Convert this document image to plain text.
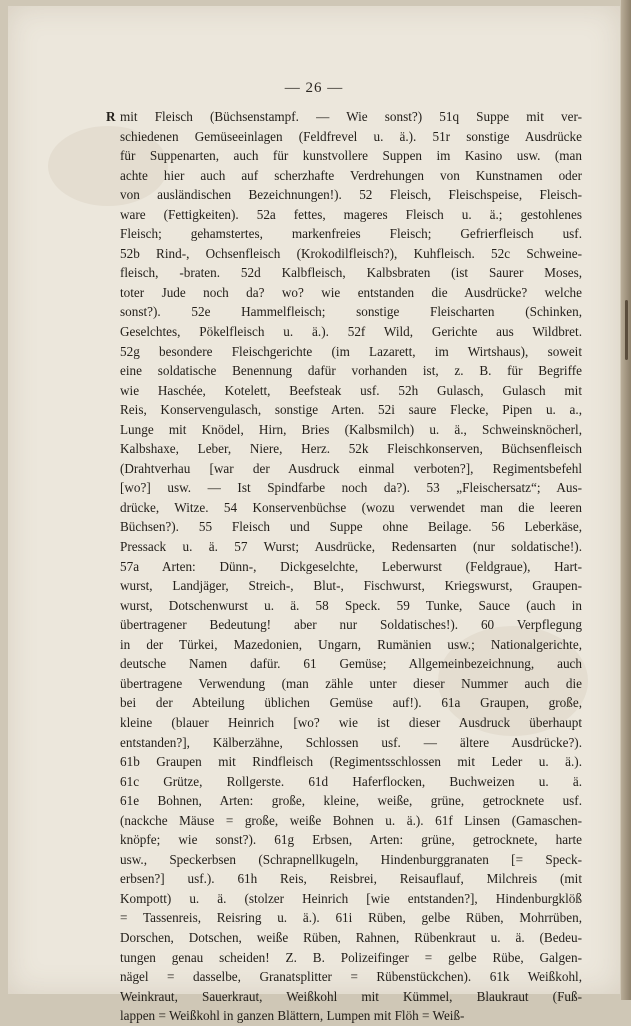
— 26 —
R mit Fleisch (Büchsenstampf. — Wie sonst?) 51q Suppe mit ver-
schiedenen Gemüseeinlagen (Feldfrevel u. ä.). 51r sonstige Ausdrücke
für Suppenarten, auch für kunstvollere Suppen im Kasino usw. (man
achte hier auch auf scherzhafte Verdrehungen von Kunstnamen oder
von ausländischen Bezeichnungen!). 52 Fleisch, Fleischspeise, Fleisch-
ware (Fettigkeiten). 52a fettes, mageres Fleisch u. ä.; gestohlenes
Fleisch; gehamstertes, markenfreies Fleisch; Gefrierfleisch usf.
52b Rind-, Ochsenfleisch (Krokodilfleisch?), Kuhfleisch. 52c Schweine-
fleisch, -braten. 52d Kalbfleisch, Kalbsbraten (ist Saurer Moses,
toter Jude noch da? wo? wie entstanden die Ausdrücke? welche
sonst?). 52e Hammelfleisch; sonstige Fleischarten (Schinken,
Geselchtes, Pökelfleisch u. ä.). 52f Wild, Gerichte aus Wildbret.
52g besondere Fleischgerichte (im Lazarett, im Wirtshaus), soweit
eine soldatische Benennung dafür vorhanden ist, z. B. für Begriffe
wie Haschée, Kotelett, Beefsteak usf. 52h Gulasch, Gulasch mit
Reis, Konservengulasch, sonstige Arten. 52i saure Flecke, Pipen u. a.,
Lunge mit Knödel, Hirn, Bries (Kalbsmilch) u. ä., Schweinsknöcherl,
Kalbshaxe, Leber, Niere, Herz. 52k Fleischkonserven, Büchsenfleisch
(Drahtverhau [war der Ausdruck einmal verboten?], Regimentsbefehl
[wo?] usw. — Ist Spindfarbe noch da?). 53 „Fleischersatz“; Aus-
drücke, Witze. 54 Konservenbüchse (wozu verwendet man die leeren
Büchsen?). 55 Fleisch und Suppe ohne Beilage. 56 Leberkäse,
Pressack u. ä. 57 Wurst; Ausdrücke, Redensarten (nur soldatische!).
57a Arten: Dünn-, Dickgeselchte, Leberwurst (Feldgraue), Hart-
wurst, Landjäger, Streich-, Blut-, Fischwurst, Kriegswurst, Graupen-
wurst, Dotschenwurst u. ä. 58 Speck. 59 Tunke, Sauce (auch in
übertragener Bedeutung! aber nur Soldatisches!). 60 Verpflegung
in der Türkei, Mazedonien, Ungarn, Rumänien usw.; Nationalgerichte,
deutsche Namen dafür. 61 Gemüse; Allgemeinbezeichnung, auch
übertragene Verwendung (man zähle unter dieser Nummer auch die
bei der Abteilung üblichen Gemüse auf!). 61a Graupen, große,
kleine (blauer Heinrich [wo? wie ist dieser Ausdruck überhaupt
entstanden?], Kälberzähne, Schlossen usf. — ältere Ausdrücke?).
61b Graupen mit Rindfleisch (Regimentsschlossen mit Leder u. ä.).
61c Grütze, Rollgerste. 61d Haferflocken, Buchweizen u. ä.
61e Bohnen, Arten: große, kleine, weiße, grüne, getrocknete usf.
(nackche Mäuse = große, weiße Bohnen u. ä.). 61f Linsen (Gamaschen-
knöpfe; wie sonst?). 61g Erbsen, Arten: grüne, getrocknete, harte
usw., Speckerbsen (Schrapnellkugeln, Hindenburggranaten [= Speck-
erbsen?] usf.). 61h Reis, Reisbrei, Reisauflauf, Milchreis (mit
Kompott) u. ä. (stolzer Heinrich [wie entstanden?], Hindenburgklöß
= Tassenreis, Reisring u. ä.). 61i Rüben, gelbe Rüben, Mohrrüben,
Dorschen, Dotschen, weiße Rüben, Rahnen, Rübenkraut u. ä. (Bedeu-
tungen genau scheiden! Z. B. Polizeifinger = gelbe Rübe, Galgen-
nägel = dasselbe, Granatsplitter = Rübenstückchen). 61k Weißkohl,
Weinkraut, Sauerkraut, Weißkohl mit Kümmel, Blaukraut (Fuß-
lappen = Weißkohl in ganzen Blättern, Lumpen mit Flöh = Weiß-
